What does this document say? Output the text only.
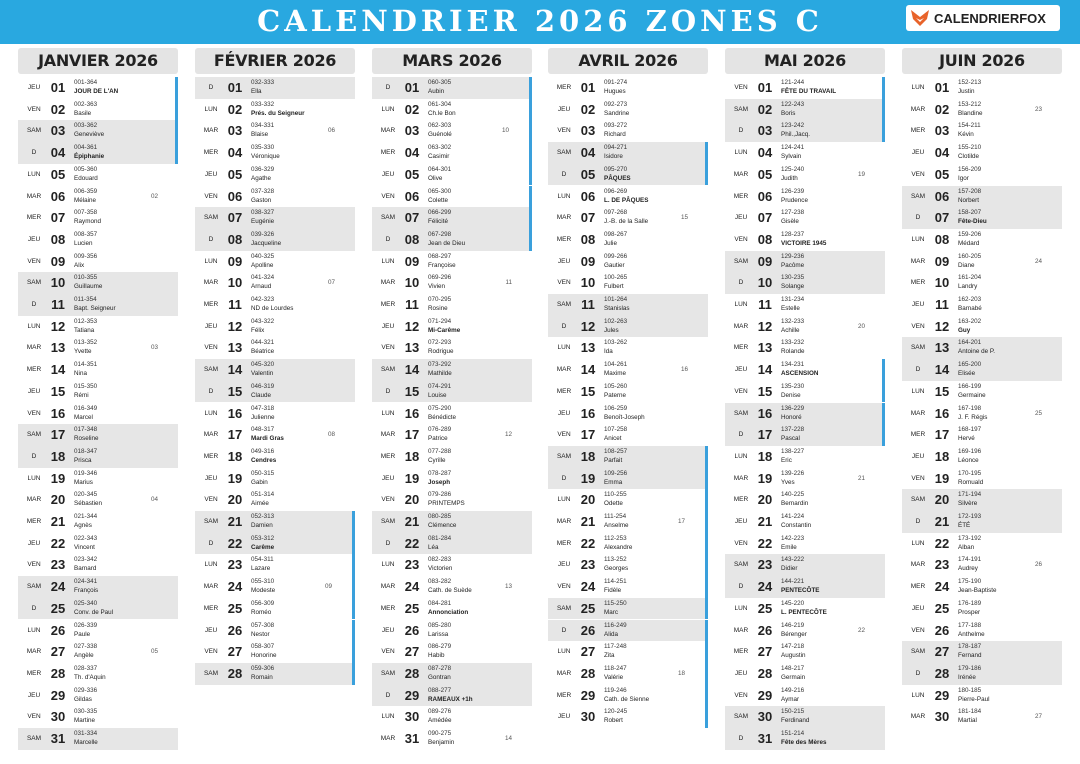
CALENDRIER 2026 ZONES C	CALENDRIERFOX
JANVIER 2026
JEU 01 001-364
JOUR DE L'AN
VEN 02 002-363
Basile
SAM 03 003-362
Geneviève
D	04 004-361
Épiphanie
LUN 05 005-360
Edouard
MAR 06 006-359
Mélaine
02
MER 07 007-358
Raymond
JEU 08 008-357
Lucien
VEN 09 009-356
Alix
SAM 10 010-355
Guillaume
D	11	011-354
Bapt. Seigneur
LUN 12 012-353
Tatiana
MAR 13 013-352
Yvette
03
MER 14 014-351
Nina
JEU 15 015-350
Rémi
VEN 16 016-349
Marcel
SAM 17 017-348
Roseline
D	18 018-347
Prisca
LUN 19 019-346
Marius
MAR 20 020-345
Sébastien
04
MER 21 021-344
Agnès
JEU 22 022-343
Vincent
VEN 23 023-342
Barnard
SAM 24 024-341
François
D	25 025-340
Conv. de Paul
LUN 26 026-339
Paule
MAR 27 027-338
Angèle
05
MER 28 028-337
Th. d'Aquin
JEU 29 029-336
Gildas
VEN 30 030-335
Martine
SAM 31 031-334
Marcelle
FÉVRIER 2026
D	01 032-333
Ella
LUN 02 033-332
Prés. du Seigneur
MAR 03 034-331
Blaise
06
MER 04 035-330
Véronique
JEU 05 036-329
Agathe
VEN 06 037-328
Gaston
SAM 07 038-327
Eugénie
D	08 039-326
Jacqueline
LUN 09 040-325
Apolline
MAR 10 041-324
Arnaud
07
MER 11	042-323
ND de Lourdes
JEU 12 043-322
Félix
VEN 13 044-321
Béatrice
SAM 14 045-320
Valentin
D	15 046-319
Claude
LUN 16 047-318
Julienne
MAR 17 048-317
Mardi Gras
08
MER 18 049-316
Cendres
JEU 19 050-315
Gabin
VEN 20 051-314
Aimée
SAM 21 052-313
Damien
D	22 053-312
Carême
LUN 23 054-311
Lazare
MAR 24 055-310
Modeste
09
MER 25 056-309
Roméo
JEU 26 057-308
Nestor
VEN 27 058-307
Honorine
SAM 28 059-306
Romain
MARS 2026
D	01 060-305
Aubin
LUN 02 061-304
Ch.le Bon
MAR 03 062-303
Guénolé
10
MER 04 063-302
Casimir
JEU 05 064-301
Olive
VEN 06 065-300
Colette
SAM 07 066-299
Félicité
D	08 067-298
Jean de Dieu
LUN 09 068-297
Françoise
MAR 10 069-296
Vivien
11
MER 11	070-295
Rosine
JEU 12 071-294
Mi-Carême
VEN 13 072-293
Rodrigue
SAM 14 073-292
Mathilde
D	15 074-291
Louise
LUN 16 075-290
Bénédicte
MAR 17 076-289
Patrice
12
MER 18 077-288
Cyrille
JEU 19 078-287
Joseph
VEN 20 079-286
PRINTEMPS
SAM 21 080-285
Clémence
D	22 081-284
Léa
LUN 23 082-283
Victorien
MAR 24 083-282
Cath. de Suède
13
MER 25 084-281
Annonciation
JEU 26 085-280
Larissa
VEN 27 086-279
Habib
SAM 28 087-278
Gontran
D	29 088-277
RAMEAUX +1h
LUN 30 089-276
Amédée
MAR 31 090-275
Benjamin
14
AVRIL 2026
MER 01 091-274
Hugues
JEU 02 092-273
Sandrine
VEN 03 093-272
Richard
SAM 04 094-271
Isidore
D	05 095-270
PÂQUES
LUN 06 096-269
L. DE PÂQUES
MAR 07 097-268
J.-B. de la Salle
15
MER 08 098-267
Julie
JEU 09 099-266
Gautier
VEN 10 100-265
Fulbert
SAM 11	101-264
Stanislas
D	12 102-263
Jules
LUN 13 103-262
Ida
MAR 14 104-261
Maxime
16
MER 15 105-260
Paterne
JEU 16 106-259
Benoît-Joseph
VEN 17 107-258
Anicet
SAM 18 108-257
Parfait
D	19 109-256
Emma
LUN 20 110-255
Odette
MAR 21 111-254
Anselme
17
MER 22 112-253
Alexandre
JEU 23 113-252
Georges
VEN 24 114-251
Fidèle
SAM 25 115-250
Marc
D	26 116-249
Alida
LUN 27 117-248
Zita
MAR 28 118-247
Valérie
18
MER 29 119-246
Cath. de Sienne
JEU 30 120-245
Robert
MAI 2026
VEN 01 121-244
FÊTE DU TRAVAIL
SAM 02 122-243
Boris
D	03 123-242
Phil.,Jacq.
LUN 04 124-241
Sylvain
MAR 05 125-240
Judith
19
MER 06 126-239
Prudence
JEU 07 127-238
Gisèle
VEN 08 128-237
VICTOIRE 1945
SAM 09 129-236
Pacôme
D	10 130-235
Solange
LUN 11	131-234
Estelle
MAR 12 132-233
Achille
20
MER 13 133-232
Rolande
JEU 14 134-231
ASCENSION
VEN 15 135-230
Denise
SAM 16 136-229
Honoré
D	17 137-228
Pascal
LUN 18 138-227
Eric
MAR 19 139-226
Yves
21
MER 20 140-225
Bernardin
JEU 21 141-224
Constantin
VEN 22 142-223
Emile
SAM 23 143-222
Didier
D	24 144-221
PENTECÔTE
LUN 25 145-220
L. PENTECÔTE
MAR 26 146-219
Bérenger
22
MER 27 147-218
Augustin
JEU 28 148-217
Germain
VEN 29 149-216
Aymar
SAM 30 150-215
Ferdinand
D	31 151-214
Fête des Mères
JUIN 2026
LUN 01 152-213
Justin
MAR 02 153-212
Blandine
23
MER 03 154-211
Kévin
JEU 04 155-210
Clotilde
VEN 05 156-209
Igor
SAM 06 157-208
Norbert
D	07 158-207
Fête-Dieu
LUN 08 159-206
Médard
MAR 09 160-205
Diane
24
MER 10 161-204
Landry
JEU 11	162-203
Barnabé
VEN 12 163-202
Guy
SAM 13 164-201
Antoine de P.
D	14 165-200
Elisée
LUN 15 166-199
Germaine
MAR 16 167-198
J. F. Régis
25
MER 17 168-197
Hervé
JEU 18 169-196
Léonce
VEN 19 170-195
Romuald
SAM 20 171-194
Silvère
D	21 172-193
ÉTÉ
LUN 22 173-192
Alban
MAR 23 174-191
Audrey
26
MER 24 175-190
Jean-Baptiste
JEU 25 176-189
Prosper
VEN 26 177-188
Anthelme
SAM 27 178-187
Fernand
D	28 179-186
Irénée
LUN 29 180-185
Pierre-Paul
MAR 30 181-184
Martial
27
